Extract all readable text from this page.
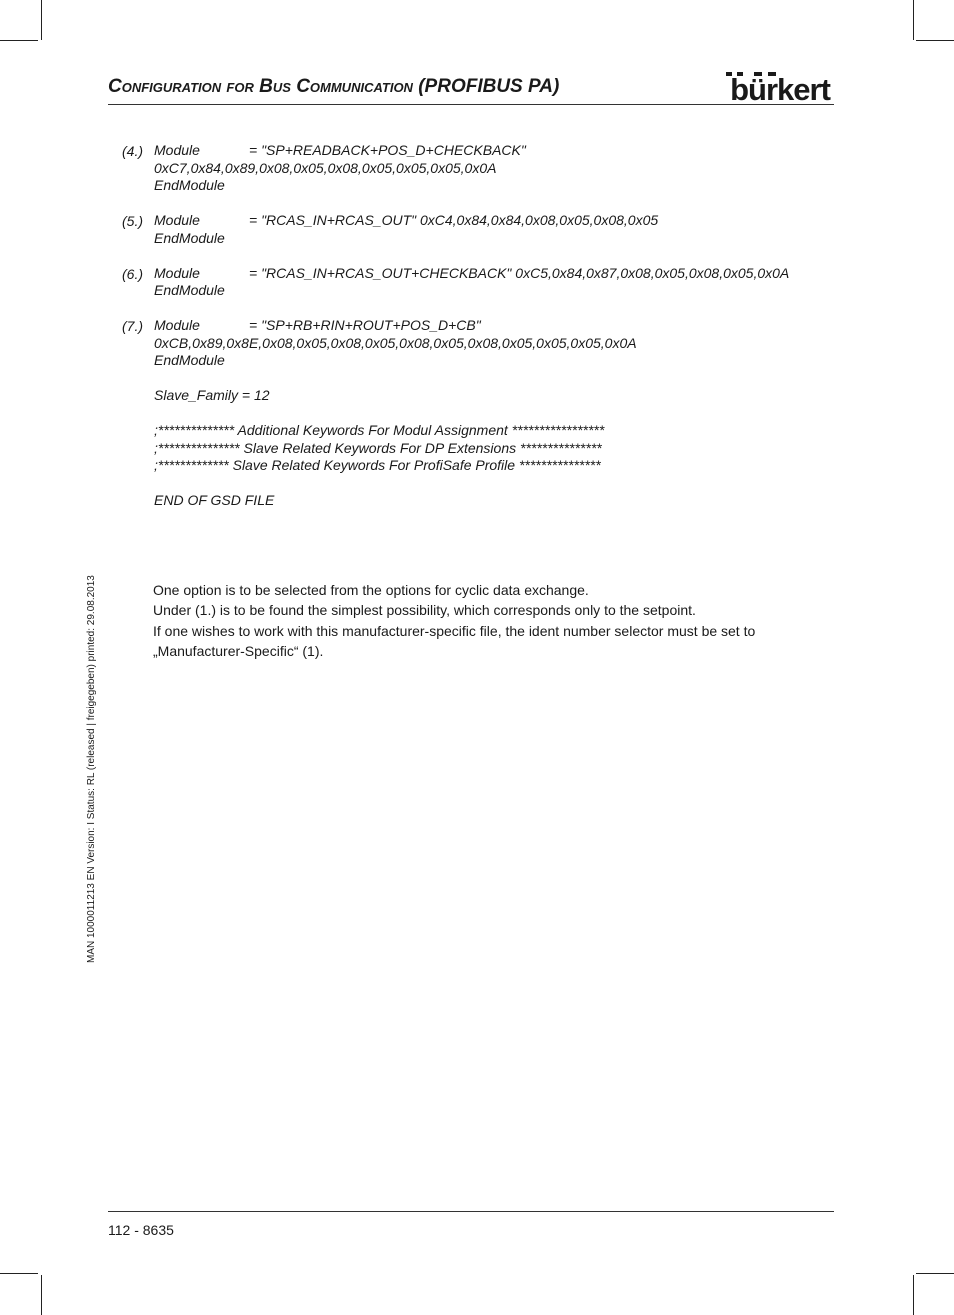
Configuration for Bus Communication (PROFIBUS PA)	bürkert
(4.) Module	= "SP+READBACK+POS_D+CHECKBACK"
0xC7,0x84,0x89,0x08,0x05,0x08,0x05,0x05,0x05,0x0A
EndModule
(5.) Module	= "RCAS_IN+RCAS_OUT" 0xC4,0x84,0x84,0x08,0x05,0x08,0x05
EndModule
(6.) Module	= "RCAS_IN+RCAS_OUT+CHECKBACK" 0xC5,0x84,0x87,0x08,0x05,0x08,0x05,0x0A
EndModule
(7.) Module	= "SP+RB+RIN+ROUT+POS_D+CB"
0xCB,0x89,0x8E,0x08,0x05,0x08,0x05,0x08,0x05,0x08,0x05,0x05,0x05,0x0A
EndModule
Slave_Family = 12
;************** Additional Keywords For Modul Assignment *****************
;*************** Slave Related Keywords For DP Extensions ***************
;************* Slave Related Keywords For ProfiSafe Profile ***************
END OF GSD FILE

One option is to be selected from the options for cyclic data exchange.

Under (1.) is to be found the simplest possibility, which corresponds only to the setpoint.

If one wishes to work with this manufacturer-specific file, the ident number selector must be set to „Manufacturer-Specific“ (1).

MAN 1000011213 EN Version: I Status: RL (released | freigegeben) printed: 29.08.2013
112 - 8635
